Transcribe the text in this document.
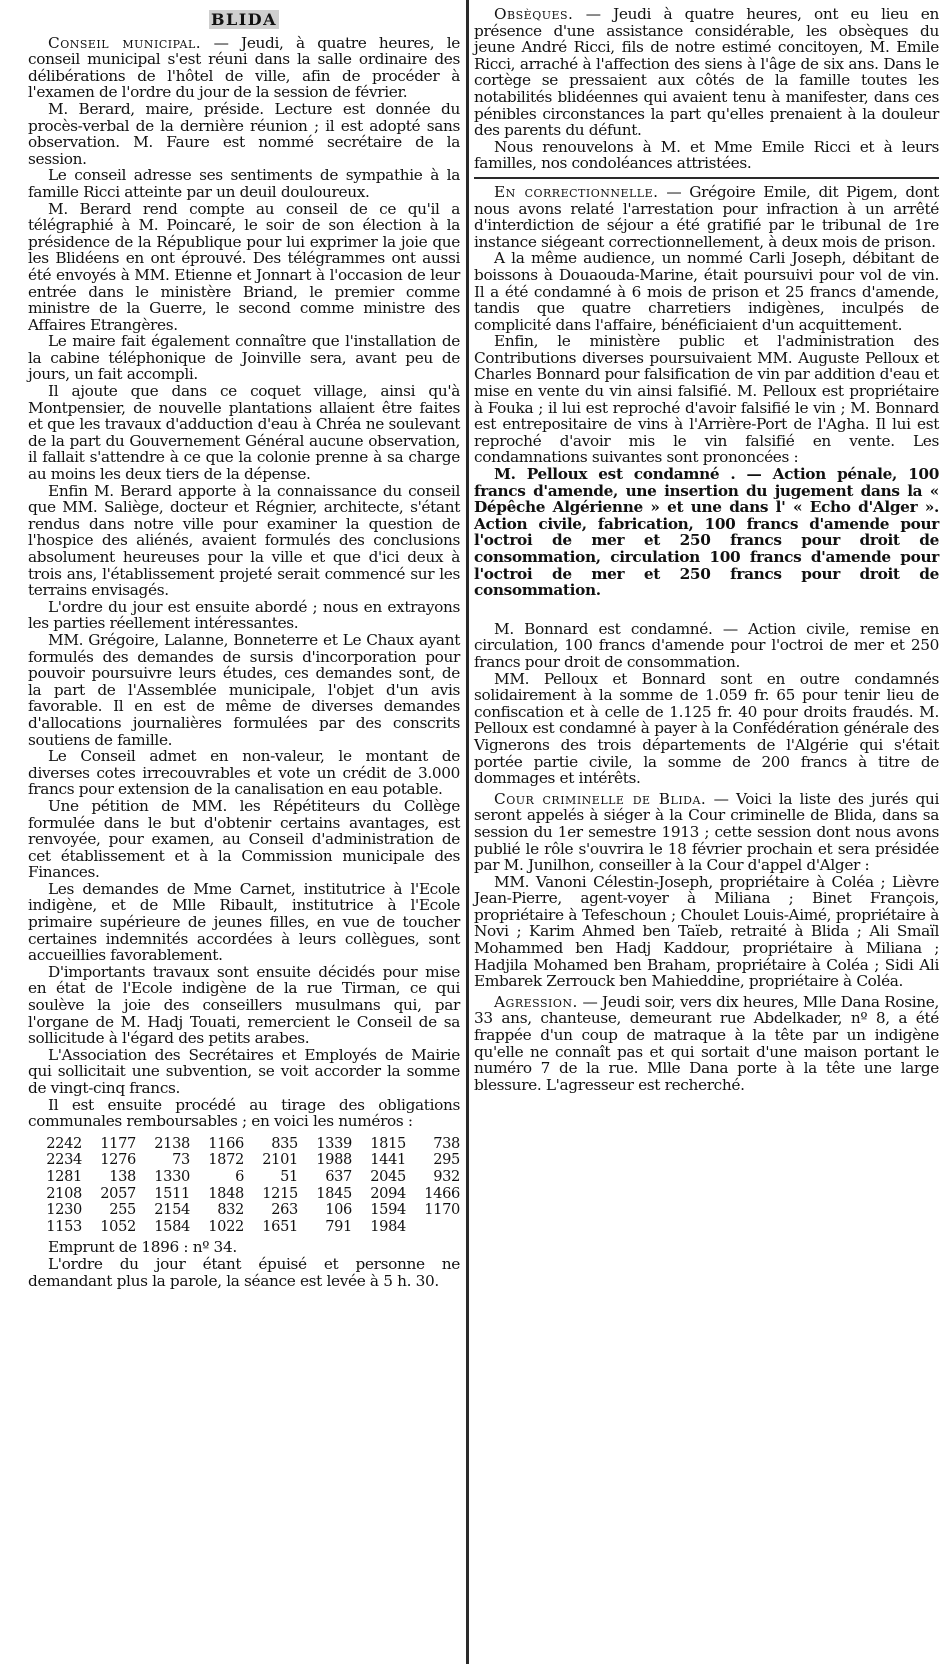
BLIDA

Conseil municipal. — Jeudi, à quatre heures, le conseil municipal s'est réuni dans la salle ordinaire des délibérations de l'hôtel de ville, afin de procéder à l'examen de l'ordre du jour de la session de février.

M. Berard, maire, préside. Lecture est donnée du procès-verbal de la dernière réunion ; il est adopté sans observation. M. Faure est nommé secrétaire de la session.

Le conseil adresse ses sentiments de sympathie à la famille Ricci atteinte par un deuil douloureux.

M. Berard rend compte au conseil de ce qu'il a télégraphié à M. Poincaré, le soir de son élection à la présidence de la République pour lui exprimer la joie que les Blidéens en ont éprouvé. Des télégrammes ont aussi été envoyés à MM. Etienne et Jonnart à l'occasion de leur entrée dans le ministère Briand, le premier comme ministre de la Guerre, le second comme ministre des Affaires Etrangères.

Le maire fait également connaître que l'installation de la cabine téléphonique de Joinville sera, avant peu de jours, un fait accompli.

Il ajoute que dans ce coquet village, ainsi qu'à Montpensier, de nouvelle plantations allaient être faites et que les travaux d'adduction d'eau à Chréa ne soulevant de la part du Gouvernement Général aucune observation, il fallait s'attendre à ce que la colonie prenne à sa charge au moins les deux tiers de la dépense.

Enfin M. Berard apporte à la connaissance du conseil que MM. Saliège, docteur et Régnier, architecte, s'étant rendus dans notre ville pour examiner la question de l'hospice des aliénés, avaient formulés des conclusions absolument heureuses pour la ville et que d'ici deux à trois ans, l'établissement projeté serait commencé sur les terrains envisagés.

L'ordre du jour est ensuite abordé ; nous en extrayons les parties réellement intéressantes.

MM. Grégoire, Lalanne, Bonneterre et Le Chaux ayant formulés des demandes de sursis d'incorporation pour pouvoir poursuivre leurs études, ces demandes sont, de la part de l'Assemblée municipale, l'objet d'un avis favorable. Il en est de même de diverses demandes d'allocations journalières formulées par des conscrits soutiens de famille.

Le Conseil admet en non-valeur, le montant de diverses cotes irrecouvrables et vote un crédit de 3.000 francs pour extension de la canalisation en eau potable.

Une pétition de MM. les Répétiteurs du Collège formulée dans le but d'obtenir certains avantages, est renvoyée, pour examen, au Conseil d'administration de cet établissement et à la Commission municipale des Finances.

Les demandes de Mme Carnet, institutrice à l'Ecole indigène, et de Mlle Ribault, institutrice à l'Ecole primaire supérieure de jeunes filles, en vue de toucher certaines indemnités accordées à leurs collègues, sont accueillies favorablement.

D'importants travaux sont ensuite décidés pour mise en état de l'Ecole indigène de la rue Tirman, ce qui soulève la joie des conseillers musulmans qui, par l'organe de M. Hadj Touati, remercient le Conseil de sa sollicitude à l'égard des petits arabes.

L'Association des Secrétaires et Employés de Mairie qui sollicitait une subvention, se voit accorder la somme de vingt-cinq francs.

Il est ensuite procédé au tirage des obligations communales remboursables ; en voici les numéros :

2242	1177	2138	1166	835	1339	1815	738
2234	1276	73	1872	2101	1988	1441	295
1281	138	1330	6	51	637	2045	932
2108	2057	1511	1848	1215	1845	2094	1466
1230	255	2154	832	263	106	1594	1170
1153	1052	1584	1022	1651	791	1984	

Emprunt de 1896 : nº 34.

L'ordre du jour étant épuisé et personne ne demandant plus la parole, la séance est levée à 5 h. 30.

Obsèques. — Jeudi à quatre heures, ont eu lieu en présence d'une assistance considérable, les obsèques du jeune André Ricci, fils de notre estimé concitoyen, M. Emile Ricci, arraché à l'affection des siens à l'âge de six ans. Dans le cortège se pressaient aux côtés de la famille toutes les notabilités blidéennes qui avaient tenu à manifester, dans ces pénibles circonstances la part qu'elles prenaient à la douleur des parents du défunt.

Nous renouvelons à M. et Mme Emile Ricci et à leurs familles, nos condoléances attristées.

En correctionnelle. — Grégoire Emile, dit Pigem, dont nous avons relaté l'arrestation pour infraction à un arrêté d'interdiction de séjour a été gratifié par le tribunal de 1re instance siégeant correctionnellement, à deux mois de prison.

A la même audience, un nommé Carli Joseph, débitant de boissons à Douaouda-Marine, était poursuivi pour vol de vin. Il a été condamné à 6 mois de prison et 25 francs d'amende, tandis que quatre charretiers indigènes, inculpés de complicité dans l'affaire, bénéficiaient d'un acquittement.

Enfin, le ministère public et l'administration des Contributions diverses poursuivaient MM. Auguste Pelloux et Charles Bonnard pour falsification de vin par addition d'eau et mise en vente du vin ainsi falsifié. M. Pelloux est propriétaire à Fouka ; il lui est reproché d'avoir falsifié le vin ; M. Bonnard est entrepositaire de vins à l'Arrière-Port de l'Agha. Il lui est reproché d'avoir mis le vin falsifié en vente. Les condamnations suivantes sont prononcées :

M. Pelloux est condamné . — Action pénale, 100 francs d'amende, une insertion du jugement dans la « Dépêche Algérienne » et une dans l' « Echo d'Alger ». Action civile, fabrication, 100 francs d'amende pour l'octroi de mer et 250 francs pour droit de consommation, circulation 100 francs d'amende pour l'octroi de mer et 250 francs pour droit de consommation.

M. Bonnard est condamné. — Action civile, remise en circulation, 100 francs d'amende pour l'octroi de mer et 250 francs pour droit de consommation.

MM. Pelloux et Bonnard sont en outre condamnés solidairement à la somme de 1.059 fr. 65 pour tenir lieu de confiscation et à celle de 1.125 fr. 40 pour droits fraudés. M. Pelloux est condamné à payer à la Confédération générale des Vignerons des trois départements de l'Algérie qui s'était portée partie civile, la somme de 200 francs à titre de dommages et intérêts.

Cour criminelle de Blida. — Voici la liste des jurés qui seront appelés à siéger à la Cour criminelle de Blida, dans sa session du 1er semestre 1913 ; cette session dont nous avons publié le rôle s'ouvrira le 18 février prochain et sera présidée par M. Junilhon, conseiller à la Cour d'appel d'Alger :

MM. Vanoni Célestin-Joseph, propriétaire à Coléa ; Lièvre Jean-Pierre, agent-voyer à Miliana ; Binet François, propriétaire à Tefeschoun ; Choulet Louis-Aimé, propriétaire à Novi ; Karim Ahmed ben Taïeb, retraité à Blida ; Ali Smaïl Mohammed ben Hadj Kaddour, propriétaire à Miliana ; Hadjila Mohamed ben Braham, propriétaire à Coléa ; Sidi Ali Embarek Zerrouck ben Mahieddine, propriétaire à Coléa.

Agression. — Jeudi soir, vers dix heures, Mlle Dana Rosine, 33 ans, chanteuse, demeurant rue Abdelkader, nº 8, a été frappée d'un coup de matraque à la tête par un indigène qu'elle ne connaît pas et qui sortait d'une maison portant le numéro 7 de la rue. Mlle Dana porte à la tête une large blessure. L'agresseur est recherché.
